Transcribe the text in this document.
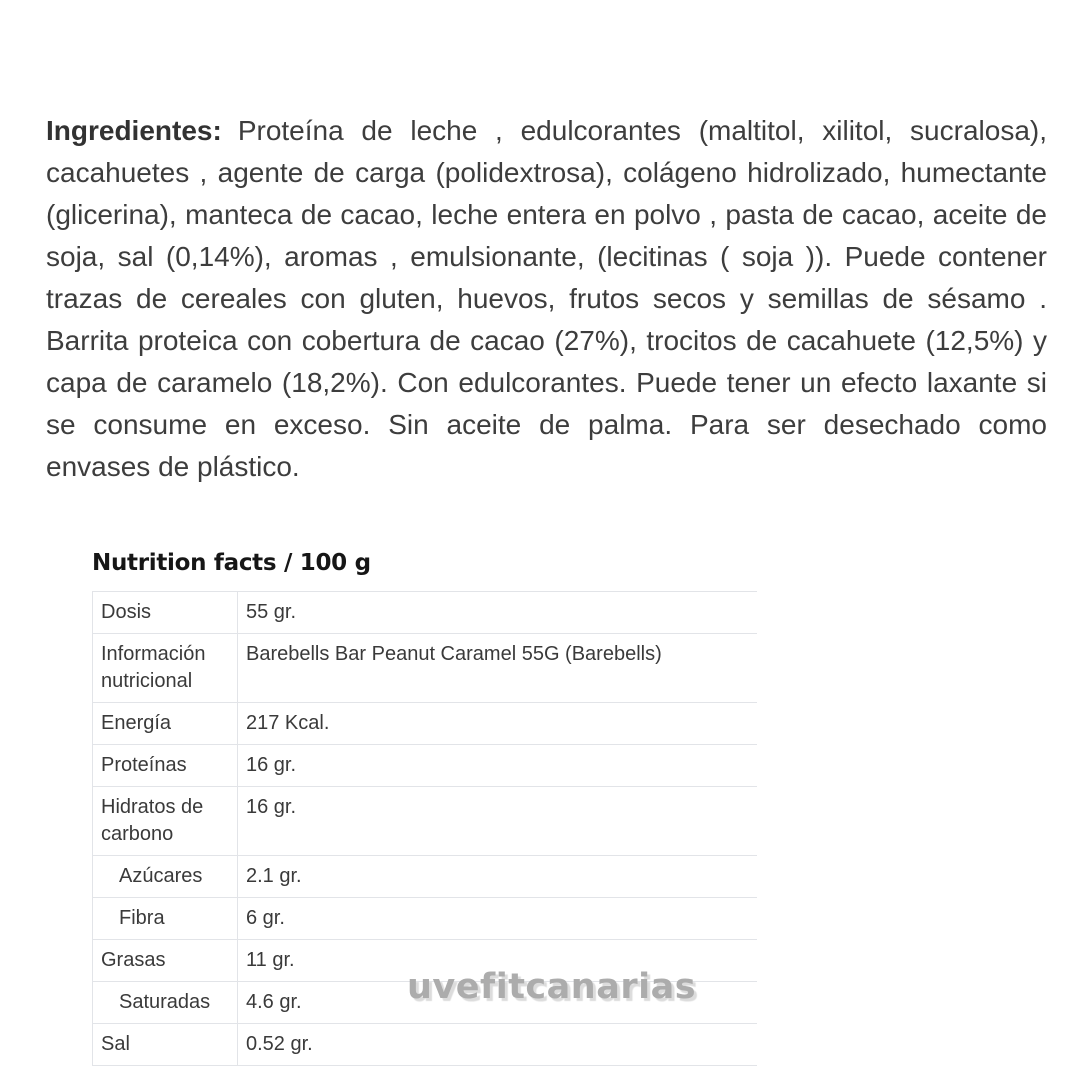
Ingredientes: Proteína de leche , edulcorantes (maltitol, xilitol, sucralosa), cacahuetes , agente de carga (polidextrosa), colágeno hidrolizado, humectante (glicerina), manteca de cacao, leche entera en polvo , pasta de cacao, aceite de soja, sal (0,14%), aromas , emulsionante, (lecitinas ( soja )). Puede contener trazas de cereales con gluten, huevos, frutos secos y semillas de sésamo . Barrita proteica con cobertura de cacao (27%), trocitos de cacahuete (12,5%) y capa de caramelo (18,2%). Con edulcorantes. Puede tener un efecto laxante si se consume en exceso. Sin aceite de palma. Para ser desechado como envases de plástico.

Nutrition facts / 100 g
Dosis	55 gr.
Información nutricional	Barebells Bar Peanut Caramel 55G (Barebells)
Energía	217 Kcal.
Proteínas	16 gr.
Hidratos de carbono	16 gr.
Azúcares	2.1 gr.
Fibra	6 gr.
Grasas	11 gr.
Saturadas	4.6 gr.
Sal	0.52 gr.
uvefitcanarias
